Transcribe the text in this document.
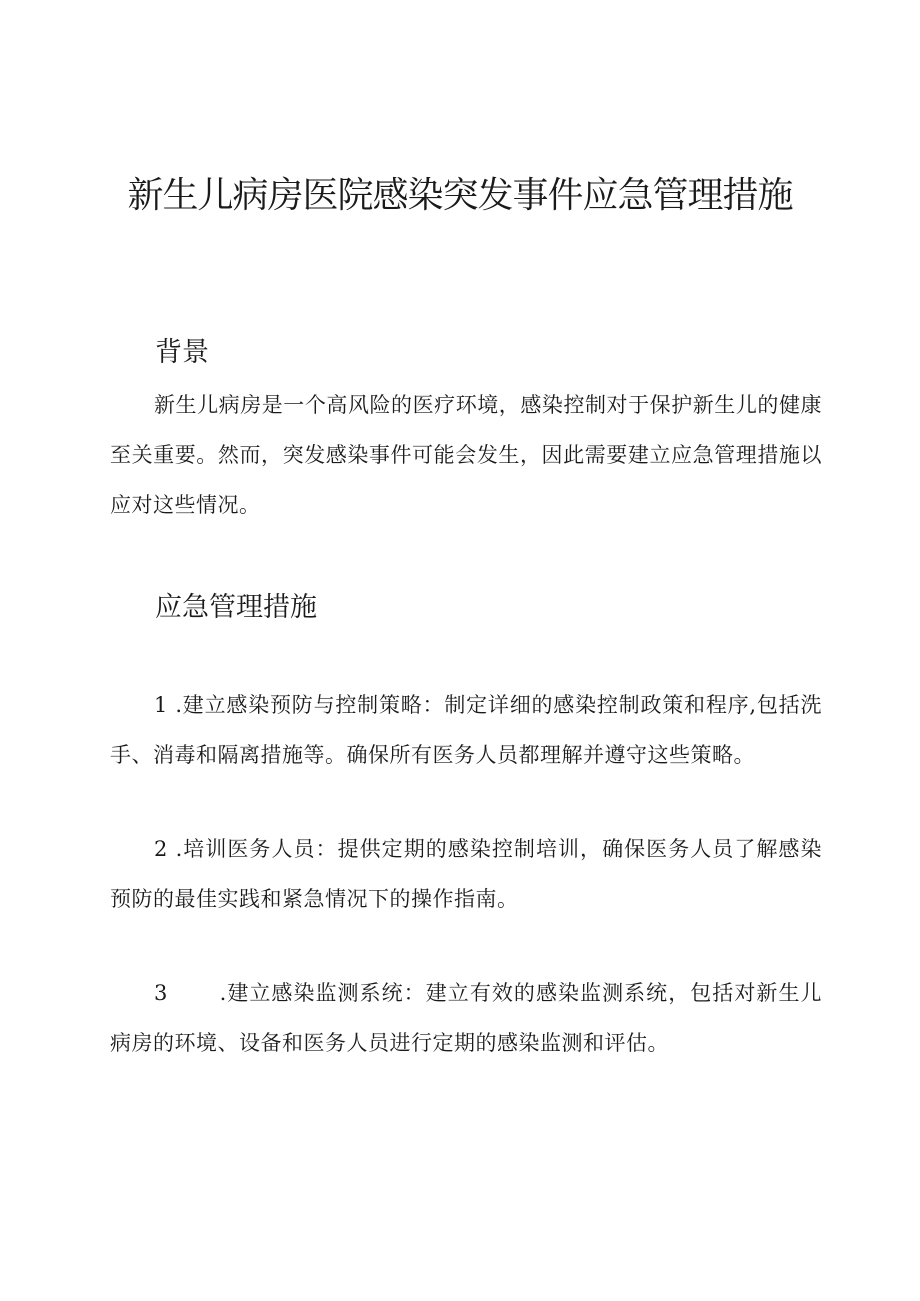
新生儿病房医院感染突发事件应急管理措施
背景

新生儿病房是一个高风险的医疗环境，感染控制对于保护新生儿的健康至关重要。然而，突发感染事件可能会发生，因此需要建立应急管理措施以应对这些情况。

应急管理措施

1 .建立感染预防与控制策略：制定详细的感染控制政策和程序,包括洗手、消毒和隔离措施等。确保所有医务人员都理解并遵守这些策略。

2 .培训医务人员：提供定期的感染控制培训，确保医务人员了解感染预防的最佳实践和紧急情况下的操作指南。

3 .建立感染监测系统：建立有效的感染监测系统，包括对新生儿病房的环境、设备和医务人员进行定期的感染监测和评估。
